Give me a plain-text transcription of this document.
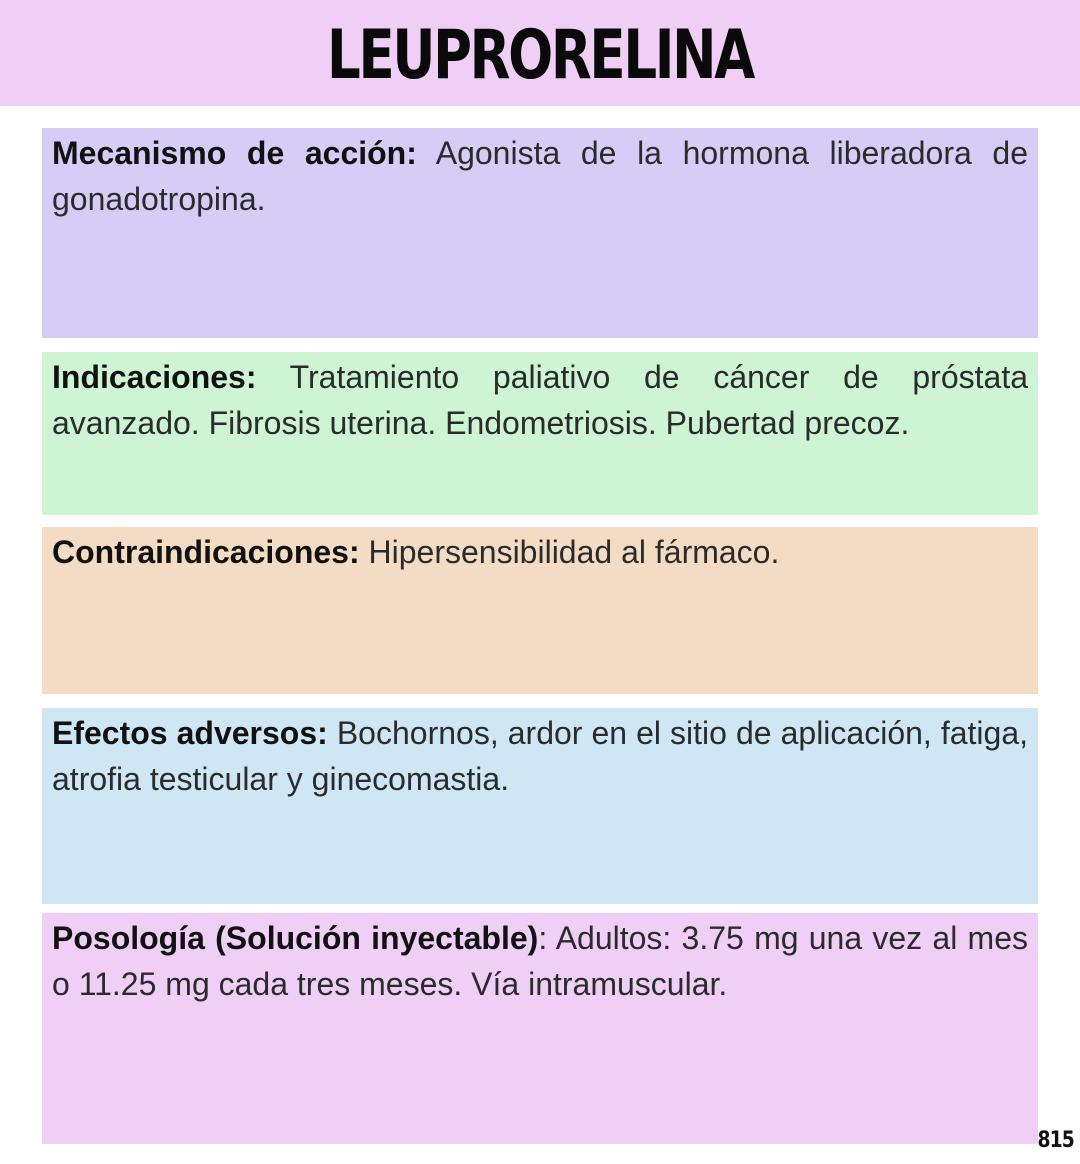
LEUPRORELINA

Mecanismo de acción: Agonista de la hormona liberadora de gonadotropina.

Indicaciones: Tratamiento paliativo de cáncer de próstata avanzado. Fibrosis uterina. Endometriosis. Pubertad precoz.

Contraindicaciones: Hipersensibilidad al fármaco.

Efectos adversos: Bochornos, ardor en el sitio de aplicación, fatiga, atrofia testicular y ginecomastia.

Posología (Solución inyectable): Adultos: 3.75 mg una vez al mes o 11.25 mg cada tres meses. Vía intramuscular.

815
